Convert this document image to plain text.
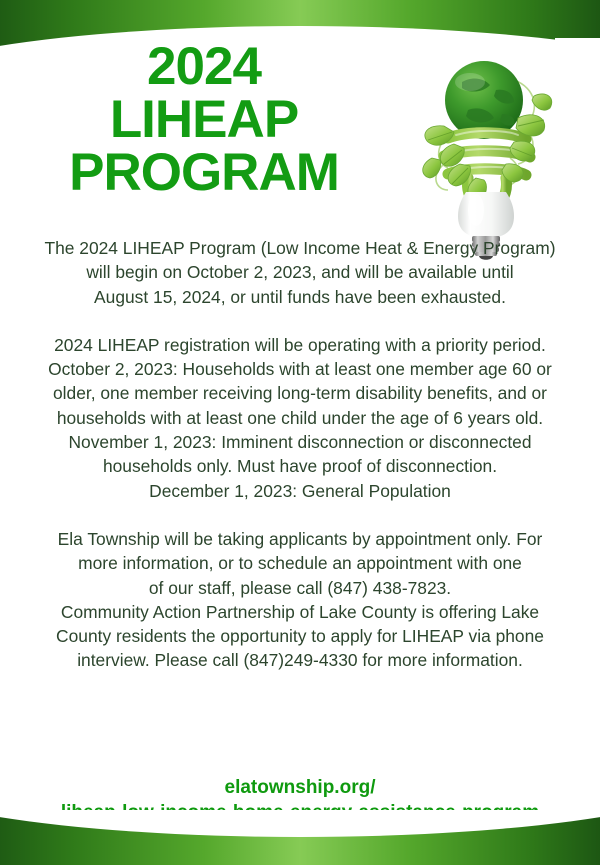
2024
LIHEAP
PROGRAM

The 2024 LIHEAP Program (Low Income Heat & Energy Program)
will begin on October 2, 2023, and will be available until
August 15, 2024, or until funds have been exhausted.

2024 LIHEAP registration will be operating with a priority period.
October 2, 2023: Households with at least one member age 60 or
older, one member receiving long-term disability benefits, and or
households with at least one child under the age of 6 years old.
November 1, 2023: Imminent disconnection or disconnected
households only. Must have proof of disconnection.
December 1, 2023: General Population

Ela Township will be taking applicants by appointment only. For
more information, or to schedule an appointment with one
of our staff, please call (847) 438-7823.
Community Action Partnership of Lake County is offering Lake
County residents the opportunity to apply for LIHEAP via phone
interview. Please call (847)249-4330 for more information.

elatownship.org/
